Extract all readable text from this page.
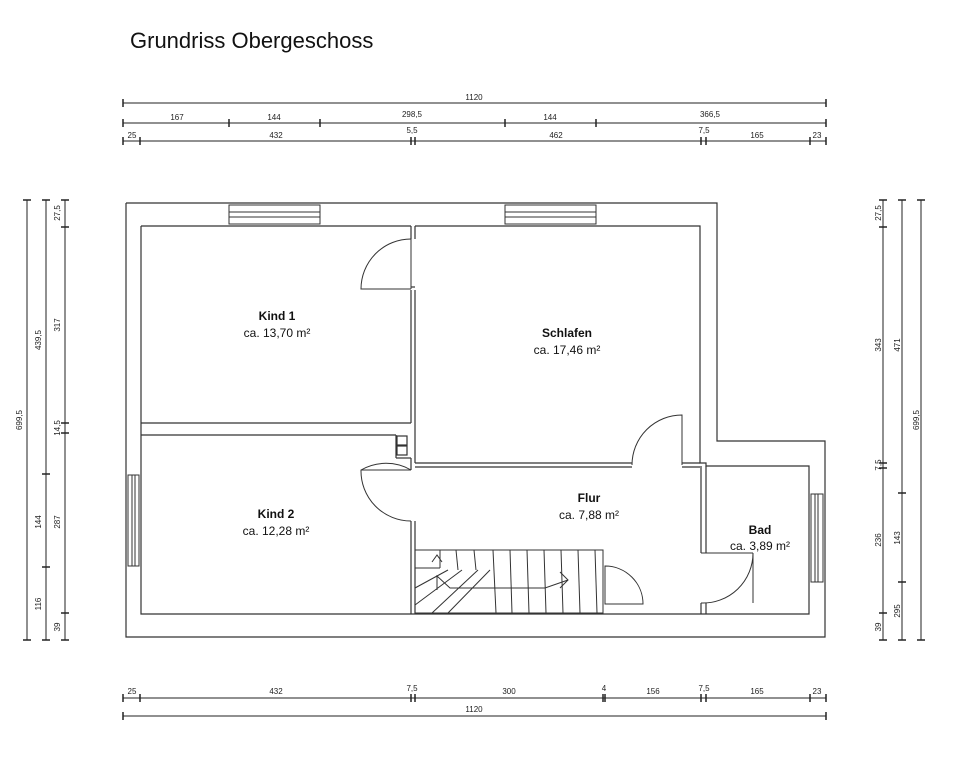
Grundriss Obergeschoss
1120
167	144	298,5	144	366,5
25	432
5,5
462
7,5
165	23
25	432	7,5	300	4	156	7,5	165	23
1120
699,5
439,5
144
116
27,5
317
14,5
287
39
27,5
343
7,5
236
39
471
143
295
699,5
Kind 1
ca. 13,70 m²	Schlafen
ca. 17,46 m²
Kind 2
ca. 12,28 m²
Flur
ca. 7,88 m²
Bad
ca. 3,89 m²
